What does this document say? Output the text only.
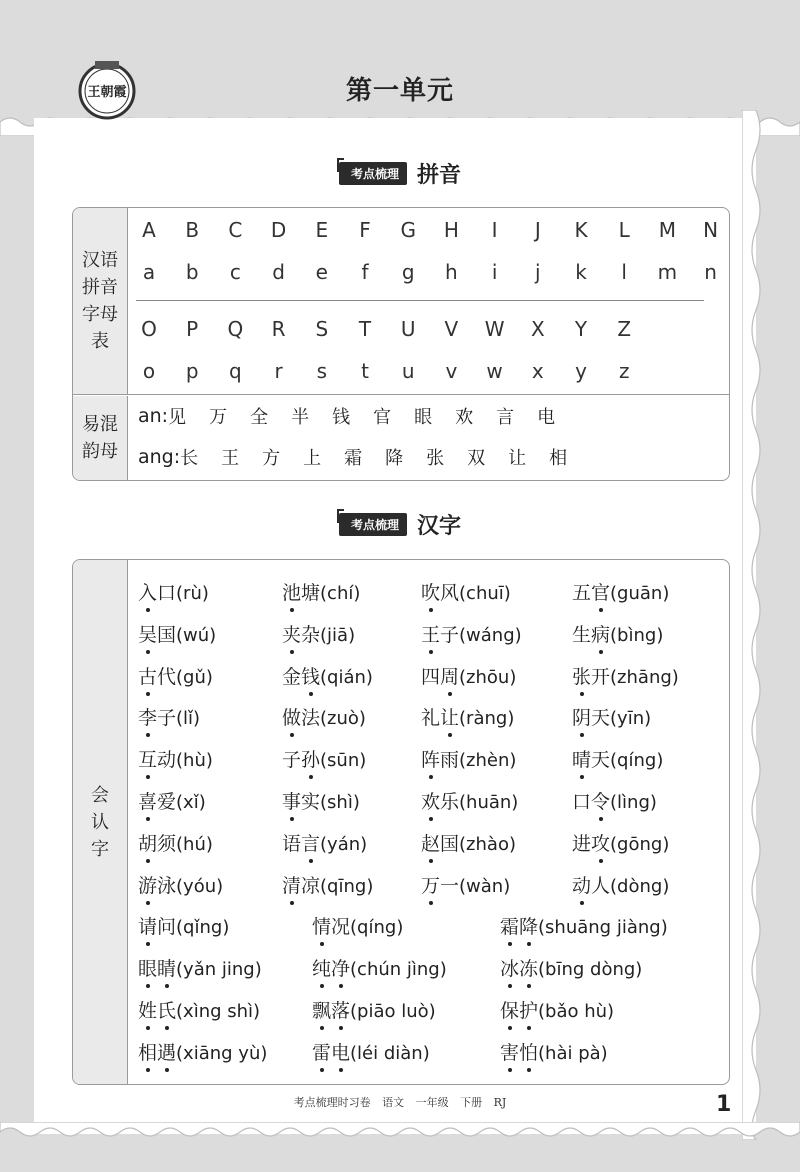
王朝霞	第一单元
考点梳理 拼音
汉语
拼音
字母
表
易混
韵母
A	B	C	D	E	F	G	H	I	J	K	L	M	N
a	b	c	d	e	f	g	h	i	j	k	l	m	n
O	P	Q	R	S	T	U	V	W	X	Y	Z
o	p	q	r	s	t	u	v	w	x	y	z
an: 见 万 全 半 钱 官 眼 欢 言 电
ang: 长 王 方 上 霜 降 张 双 让 相
考点梳理 汉字
会
认
字
入口(rù)	池塘(chí)	吹风(chuī)	五官(guān)
吴国(wú)	夹杂(jiā)	王子(wáng)	生病(bìng)
古代(gǔ)	金钱(qián)	四周(zhōu)	张开(zhāng)
李子(lǐ)	做法(zuò)	礼让(ràng)	阴天(yīn)
互动(hù)	子孙(sūn)	阵雨(zhèn)	晴天(qíng)
喜爱(xǐ)	事实(shì)	欢乐(huān)	口令(lìng)
胡须(hú)	语言(yán)	赵国(zhào)	进攻(gōng)
游泳(yóu)	清凉(qīng)	万一(wàn)	动人(dòng)
请问(qǐng)	情况(qíng)	霜降(shuāng jiàng)
眼睛(yǎn jing)	纯净(chún jìng)	冰冻(bīng dòng)
姓氏(xìng shì)	飘落(piāo luò)	保护(bǎo hù)
相遇(xiāng yù) 雷电(léi diàn)	害怕(hài pà)
考点梳理时习卷 语文 一年级 下册 RJ	1
